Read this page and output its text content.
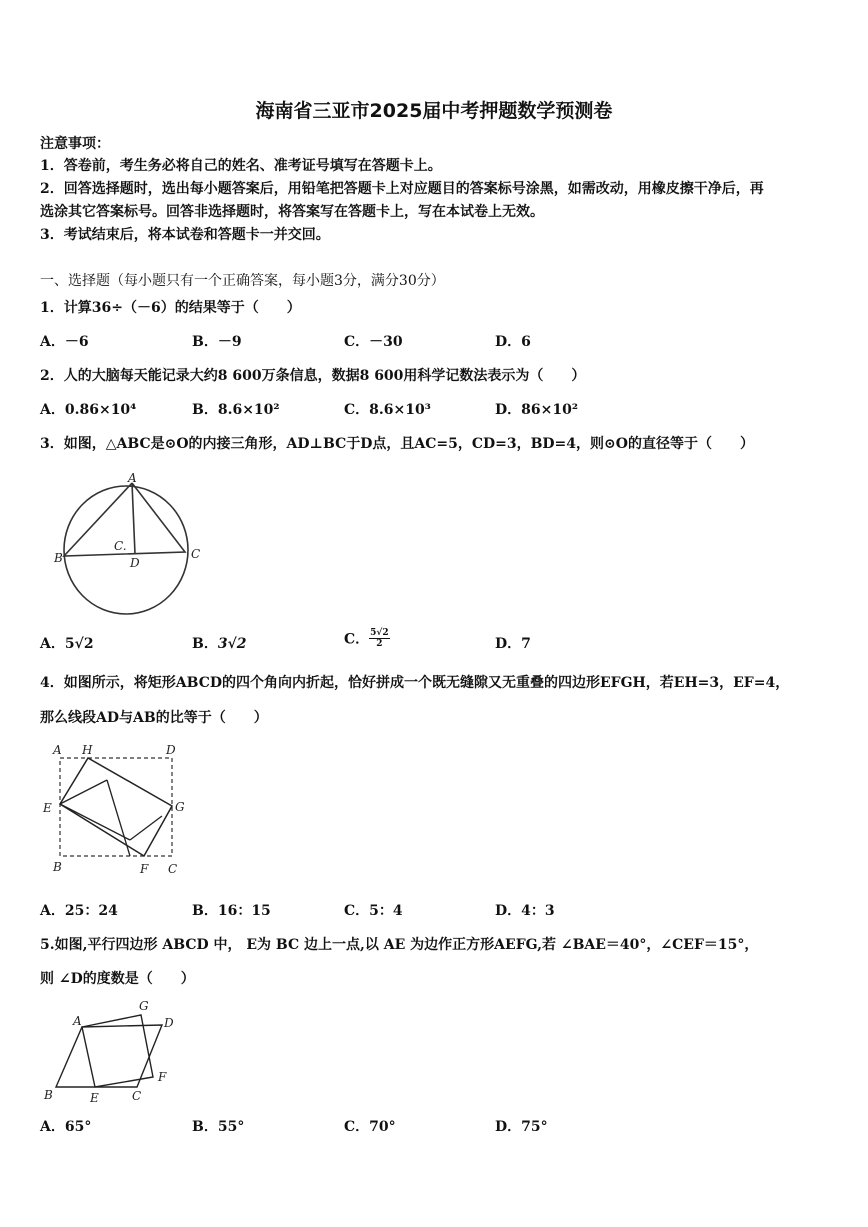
海南省三亚市2025届中考押题数学预测卷
注意事项：
1．答卷前，考生务必将自己的姓名、准考证号填写在答题卡上。
2．回答选择题时，选出每小题答案后，用铅笔把答题卡上对应题目的答案标号涂黑，如需改动，用橡皮擦干净后，再
选涂其它答案标号。回答非选择题时，将答案写在答题卡上，写在本试卷上无效。
3．考试结束后，将本试卷和答题卡一并交回。
一、选择题（每小题只有一个正确答案，每小题3分，满分30分）
1．计算36÷（－6）的结果等于（　　）
A．－6	B．－9	C．－30	D．6
2．人的大脑每天能记录大约8 600万条信息，数据8 600用科学记数法表示为（　　）
A．0.86×10⁴	B．8.6×10²	C．8.6×10³	D．86×10²
3．如图，△ABC是⊙O的内接三角形，AD⊥BC于D点，且AC=5，CD=3，BD=4，则⊙O的直径等于（　　）
A
B	C
D
C.
A．5√2	B．3√2	C． $\frac{5√2}{2}$	D．7
4．如图所示，将矩形ABCD的四个角向内折起，恰好拼成一个既无缝隙又无重叠的四边形EFGH，若EH=3，EF=4，
那么线段AD与AB的比等于（　　）
A H	D
E	G
B	F C
A．25：24	B．16：15	C．5：4	D．4：3
5.如图,平行四边形 ABCD 中， E为 BC 边上一点,以 AE 为边作正方形AEFG,若 ∠BAE＝40°，∠CEF＝15°，
则 ∠D的度数是（　　）
G
A	D
F
B	E	C
A．65°	B．55°	C．70°	D．75°
